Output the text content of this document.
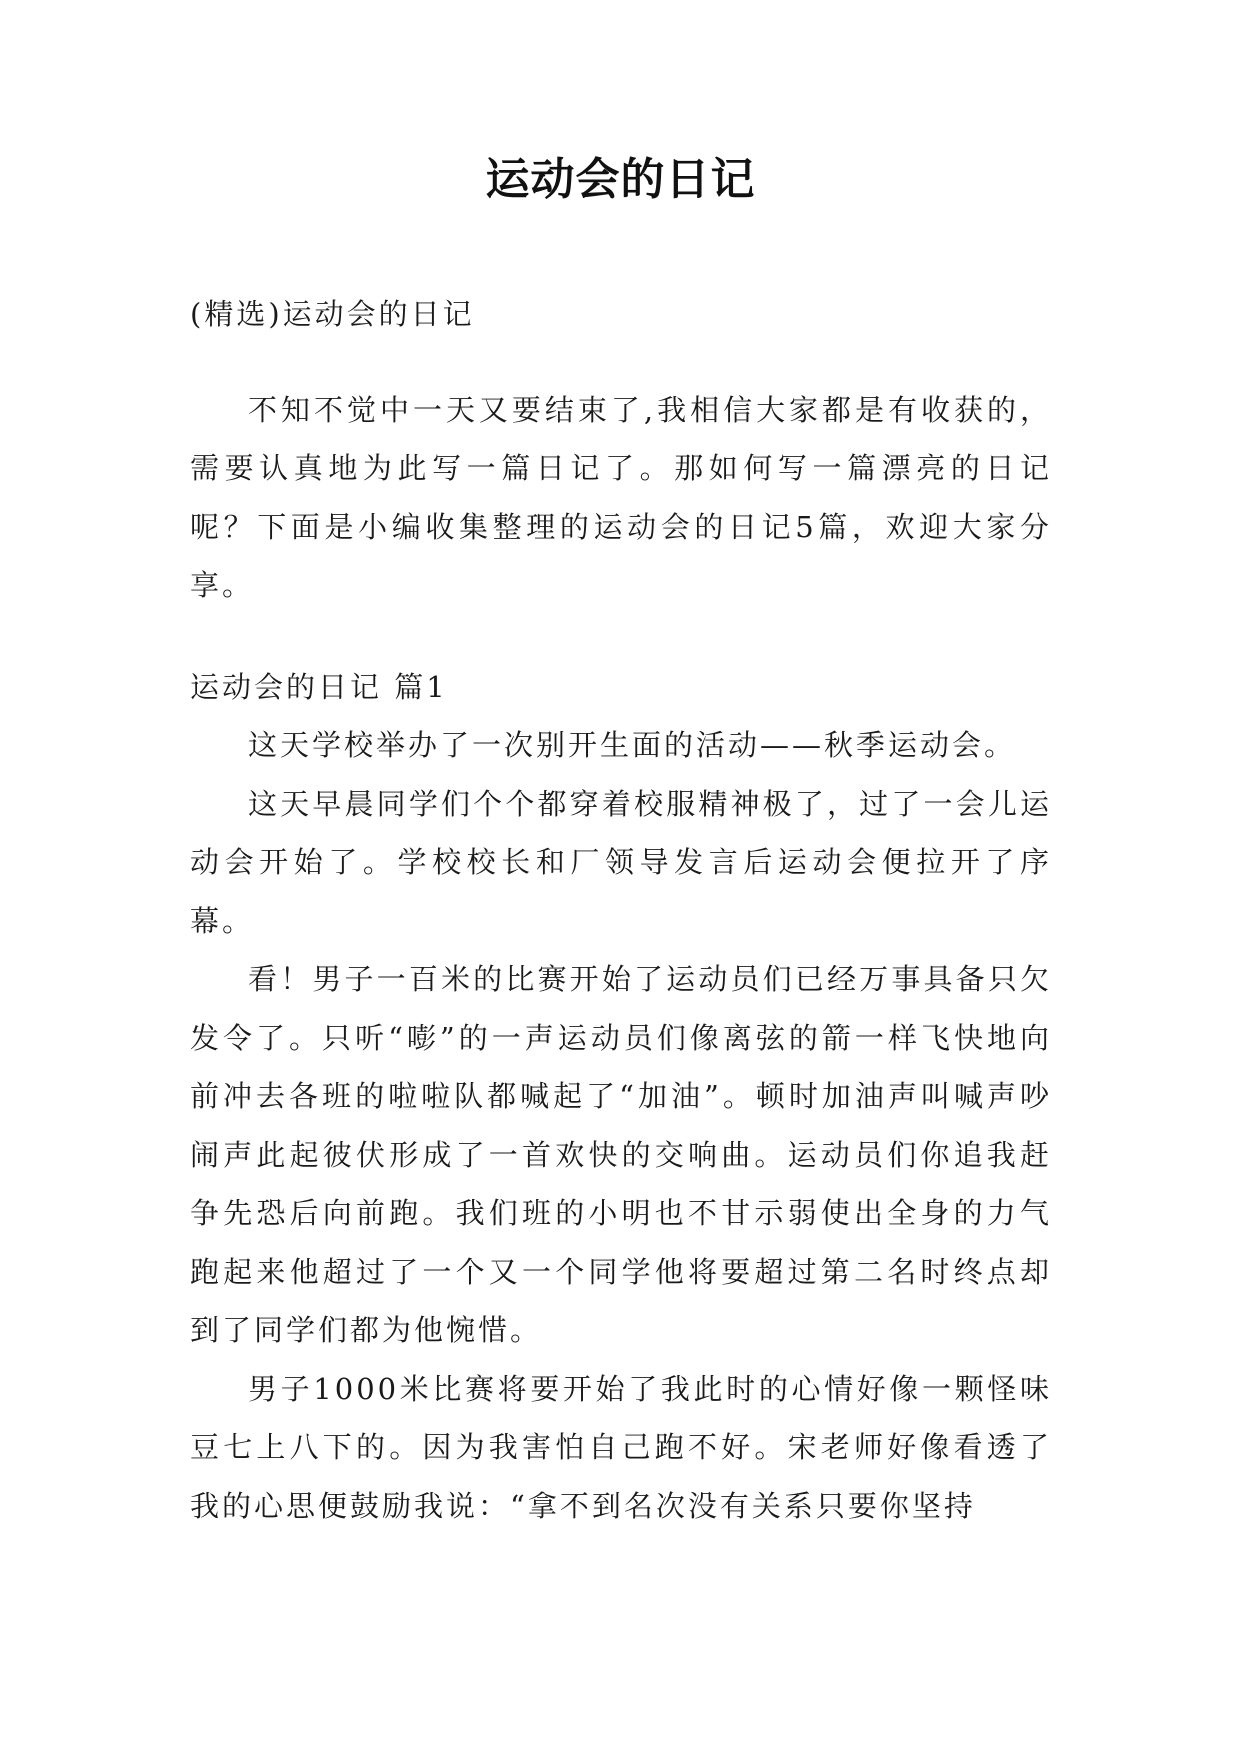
运动会的日记

(精选)运动会的日记

不知不觉中一天又要结束了,我相信大家都是有收获的，需要认真地为此写一篇日记了。那如何写一篇漂亮的日记呢？下面是小编收集整理的运动会的日记5篇，欢迎大家分享。

运动会的日记 篇1

这天学校举办了一次别开生面的活动——秋季运动会。

这天早晨同学们个个都穿着校服精神极了，过了一会儿运动会开始了。学校校长和厂领导发言后运动会便拉开了序幕。

看！男子一百米的比赛开始了运动员们已经万事具备只欠发令了。只听“嘭”的一声运动员们像离弦的箭一样飞快地向前冲去各班的啦啦队都喊起了“加油”。顿时加油声叫喊声吵闹声此起彼伏形成了一首欢快的交响曲。运动员们你追我赶争先恐后向前跑。我们班的小明也不甘示弱使出全身的力气跑起来他超过了一个又一个同学他将要超过第二名时终点却到了同学们都为他惋惜。

男子1000米比赛将要开始了我此时的心情好像一颗怪味豆七上八下的。因为我害怕自己跑不好。宋老师好像看透了我的心思便鼓励我说：“拿不到名次没有关系只要你坚持
